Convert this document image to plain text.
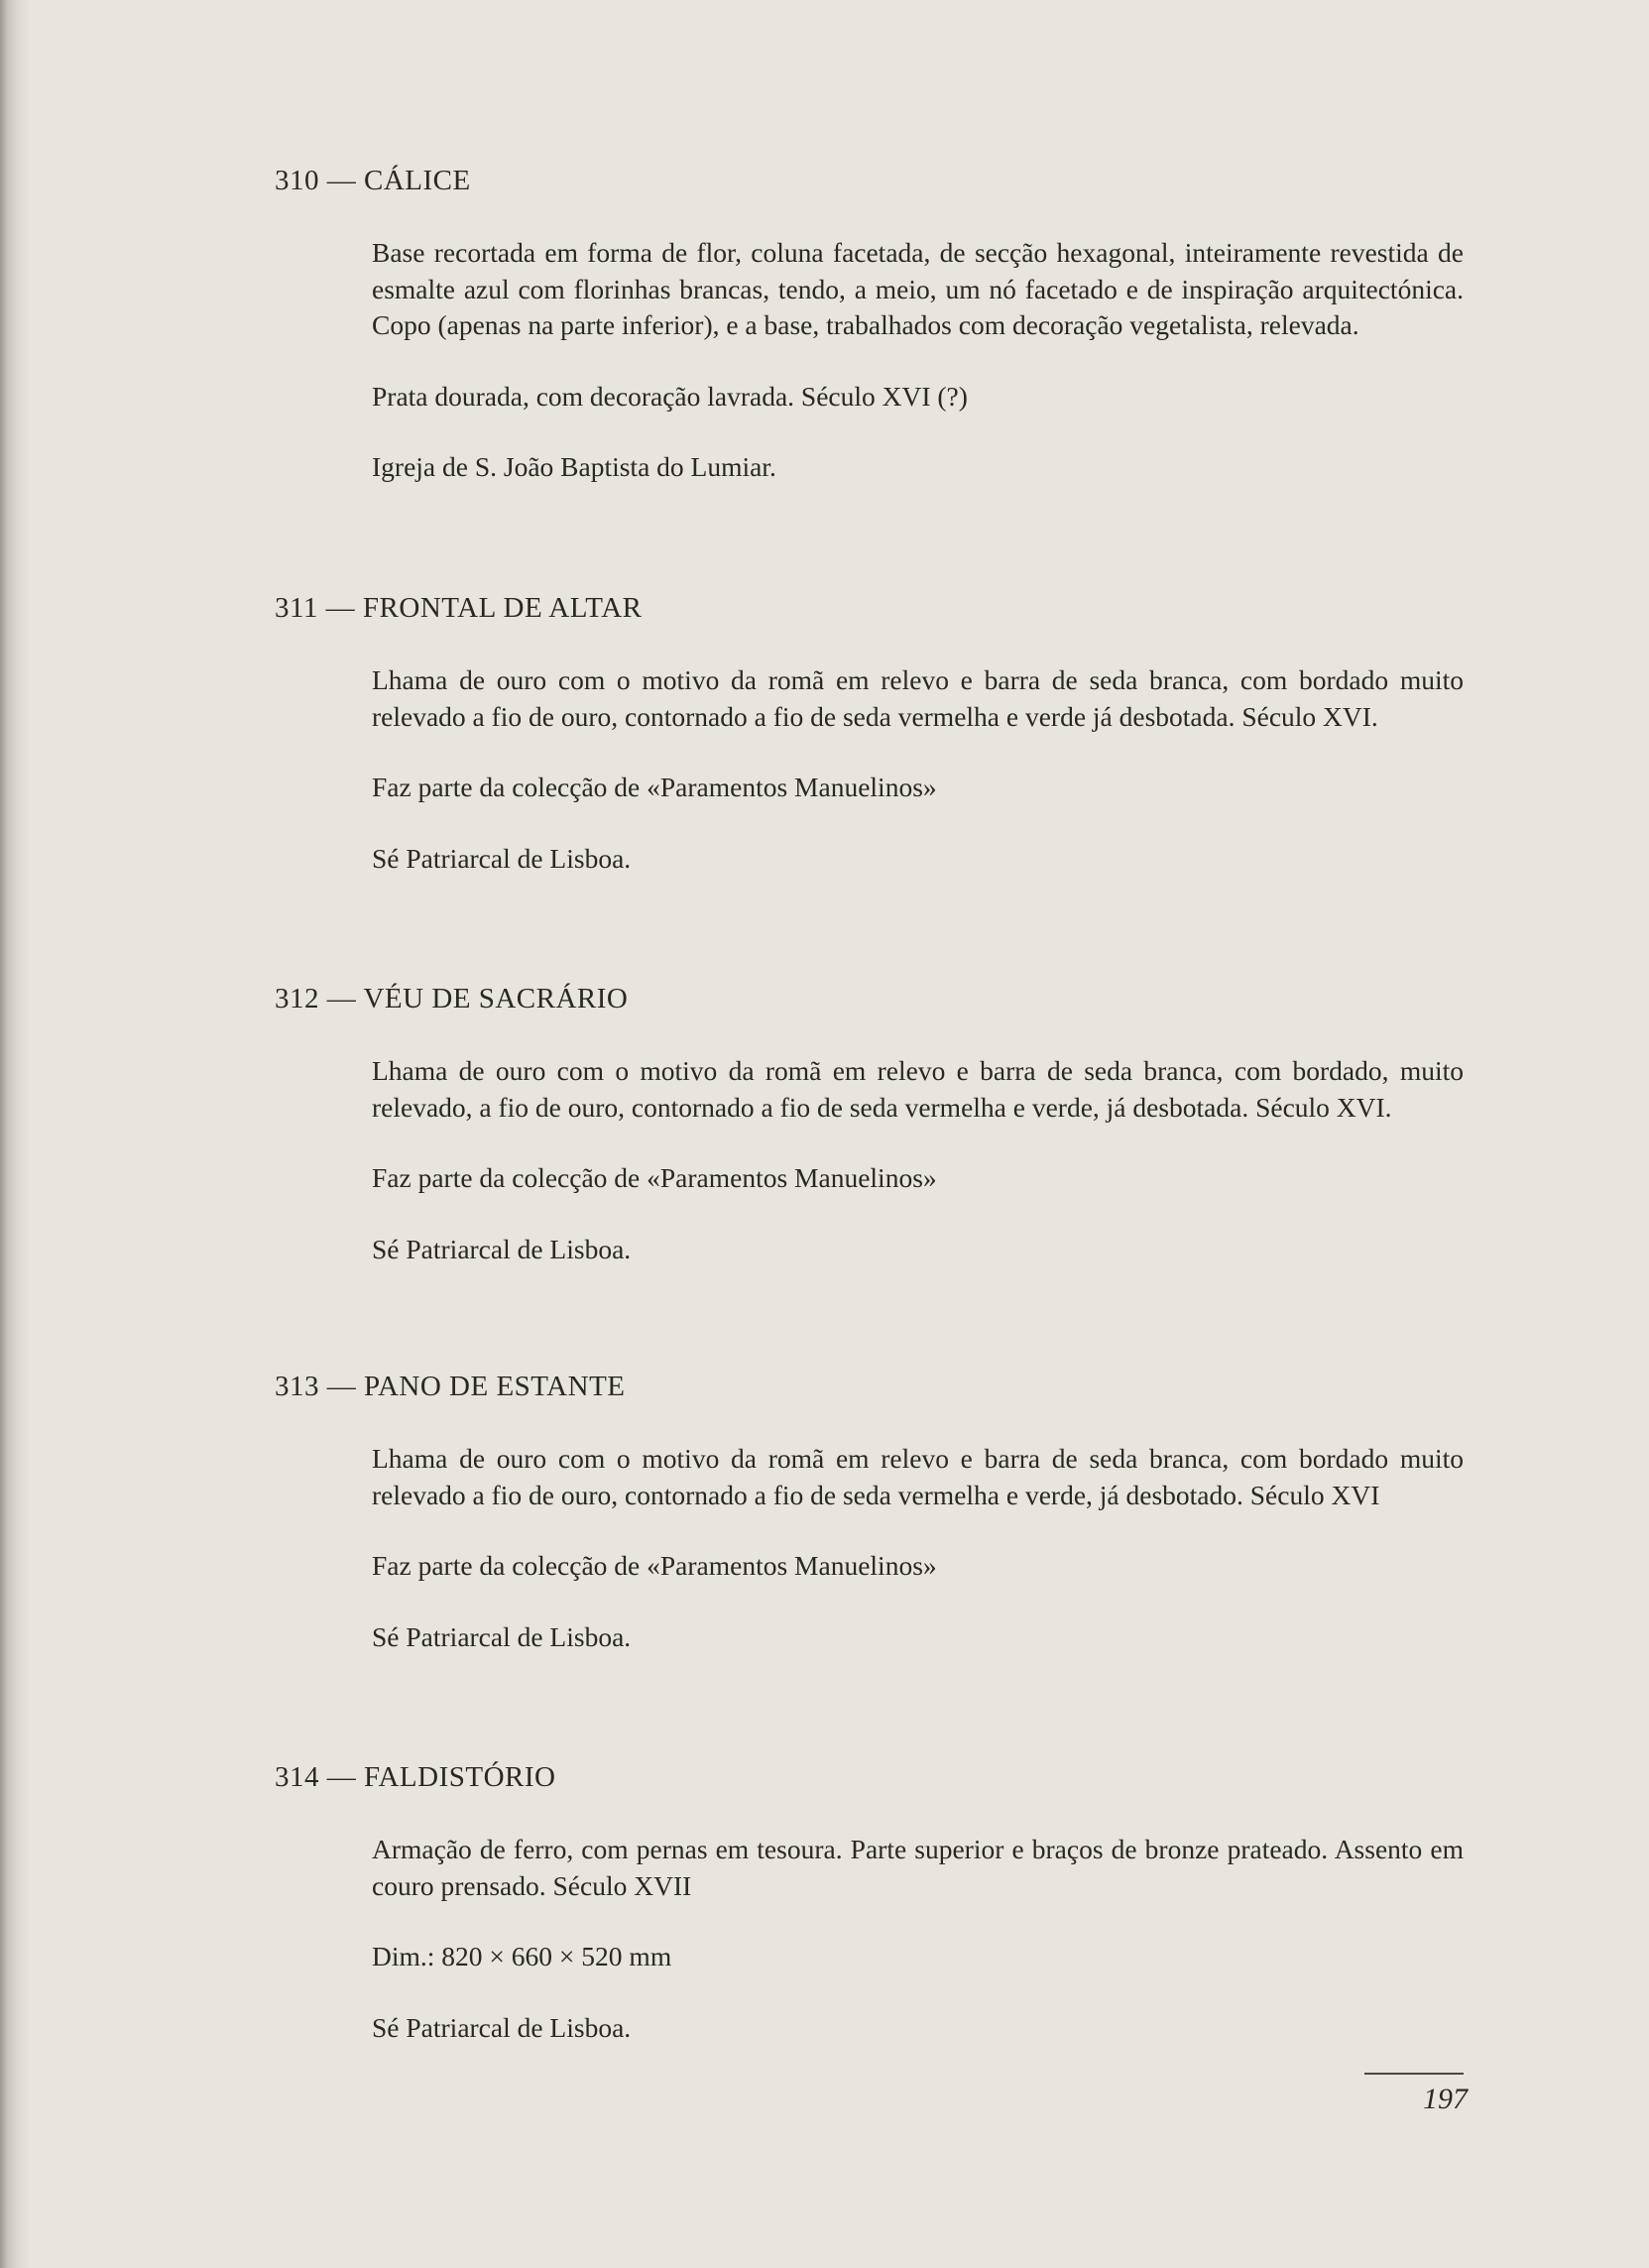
310 — CÁLICE

Base recortada em forma de flor, coluna facetada, de secção hexagonal, inteiramente revestida de esmalte azul com florinhas brancas, tendo, a meio, um nó facetado e de inspiração arquitectónica. Copo (apenas na parte inferior), e a base, trabalhados com decoração vegetalista, relevada.

Prata dourada, com decoração lavrada. Século XVI (?)

Igreja de S. João Baptista do Lumiar.

311 — FRONTAL DE ALTAR

Lhama de ouro com o motivo da romã em relevo e barra de seda branca, com bordado muito relevado a fio de ouro, contornado a fio de seda vermelha e verde já desbotada. Século XVI.

Faz parte da colecção de «Paramentos Manuelinos»

Sé Patriarcal de Lisboa.

312 — VÉU DE SACRÁRIO

Lhama de ouro com o motivo da romã em relevo e barra de seda branca, com bordado, muito relevado, a fio de ouro, contornado a fio de seda vermelha e verde, já desbotada. Século XVI.

Faz parte da colecção de «Paramentos Manuelinos»

Sé Patriarcal de Lisboa.

313 — PANO DE ESTANTE

Lhama de ouro com o motivo da romã em relevo e barra de seda branca, com bordado muito relevado a fio de ouro, contornado a fio de seda vermelha e verde, já desbotado. Século XVI

Faz parte da colecção de «Paramentos Manuelinos»

Sé Patriarcal de Lisboa.

314 — FALDISTÓRIO

Armação de ferro, com pernas em tesoura. Parte superior e braços de bronze prateado. Assento em couro prensado. Século XVII

Dim.: 820 × 660 × 520 mm

Sé Patriarcal de Lisboa.

197
